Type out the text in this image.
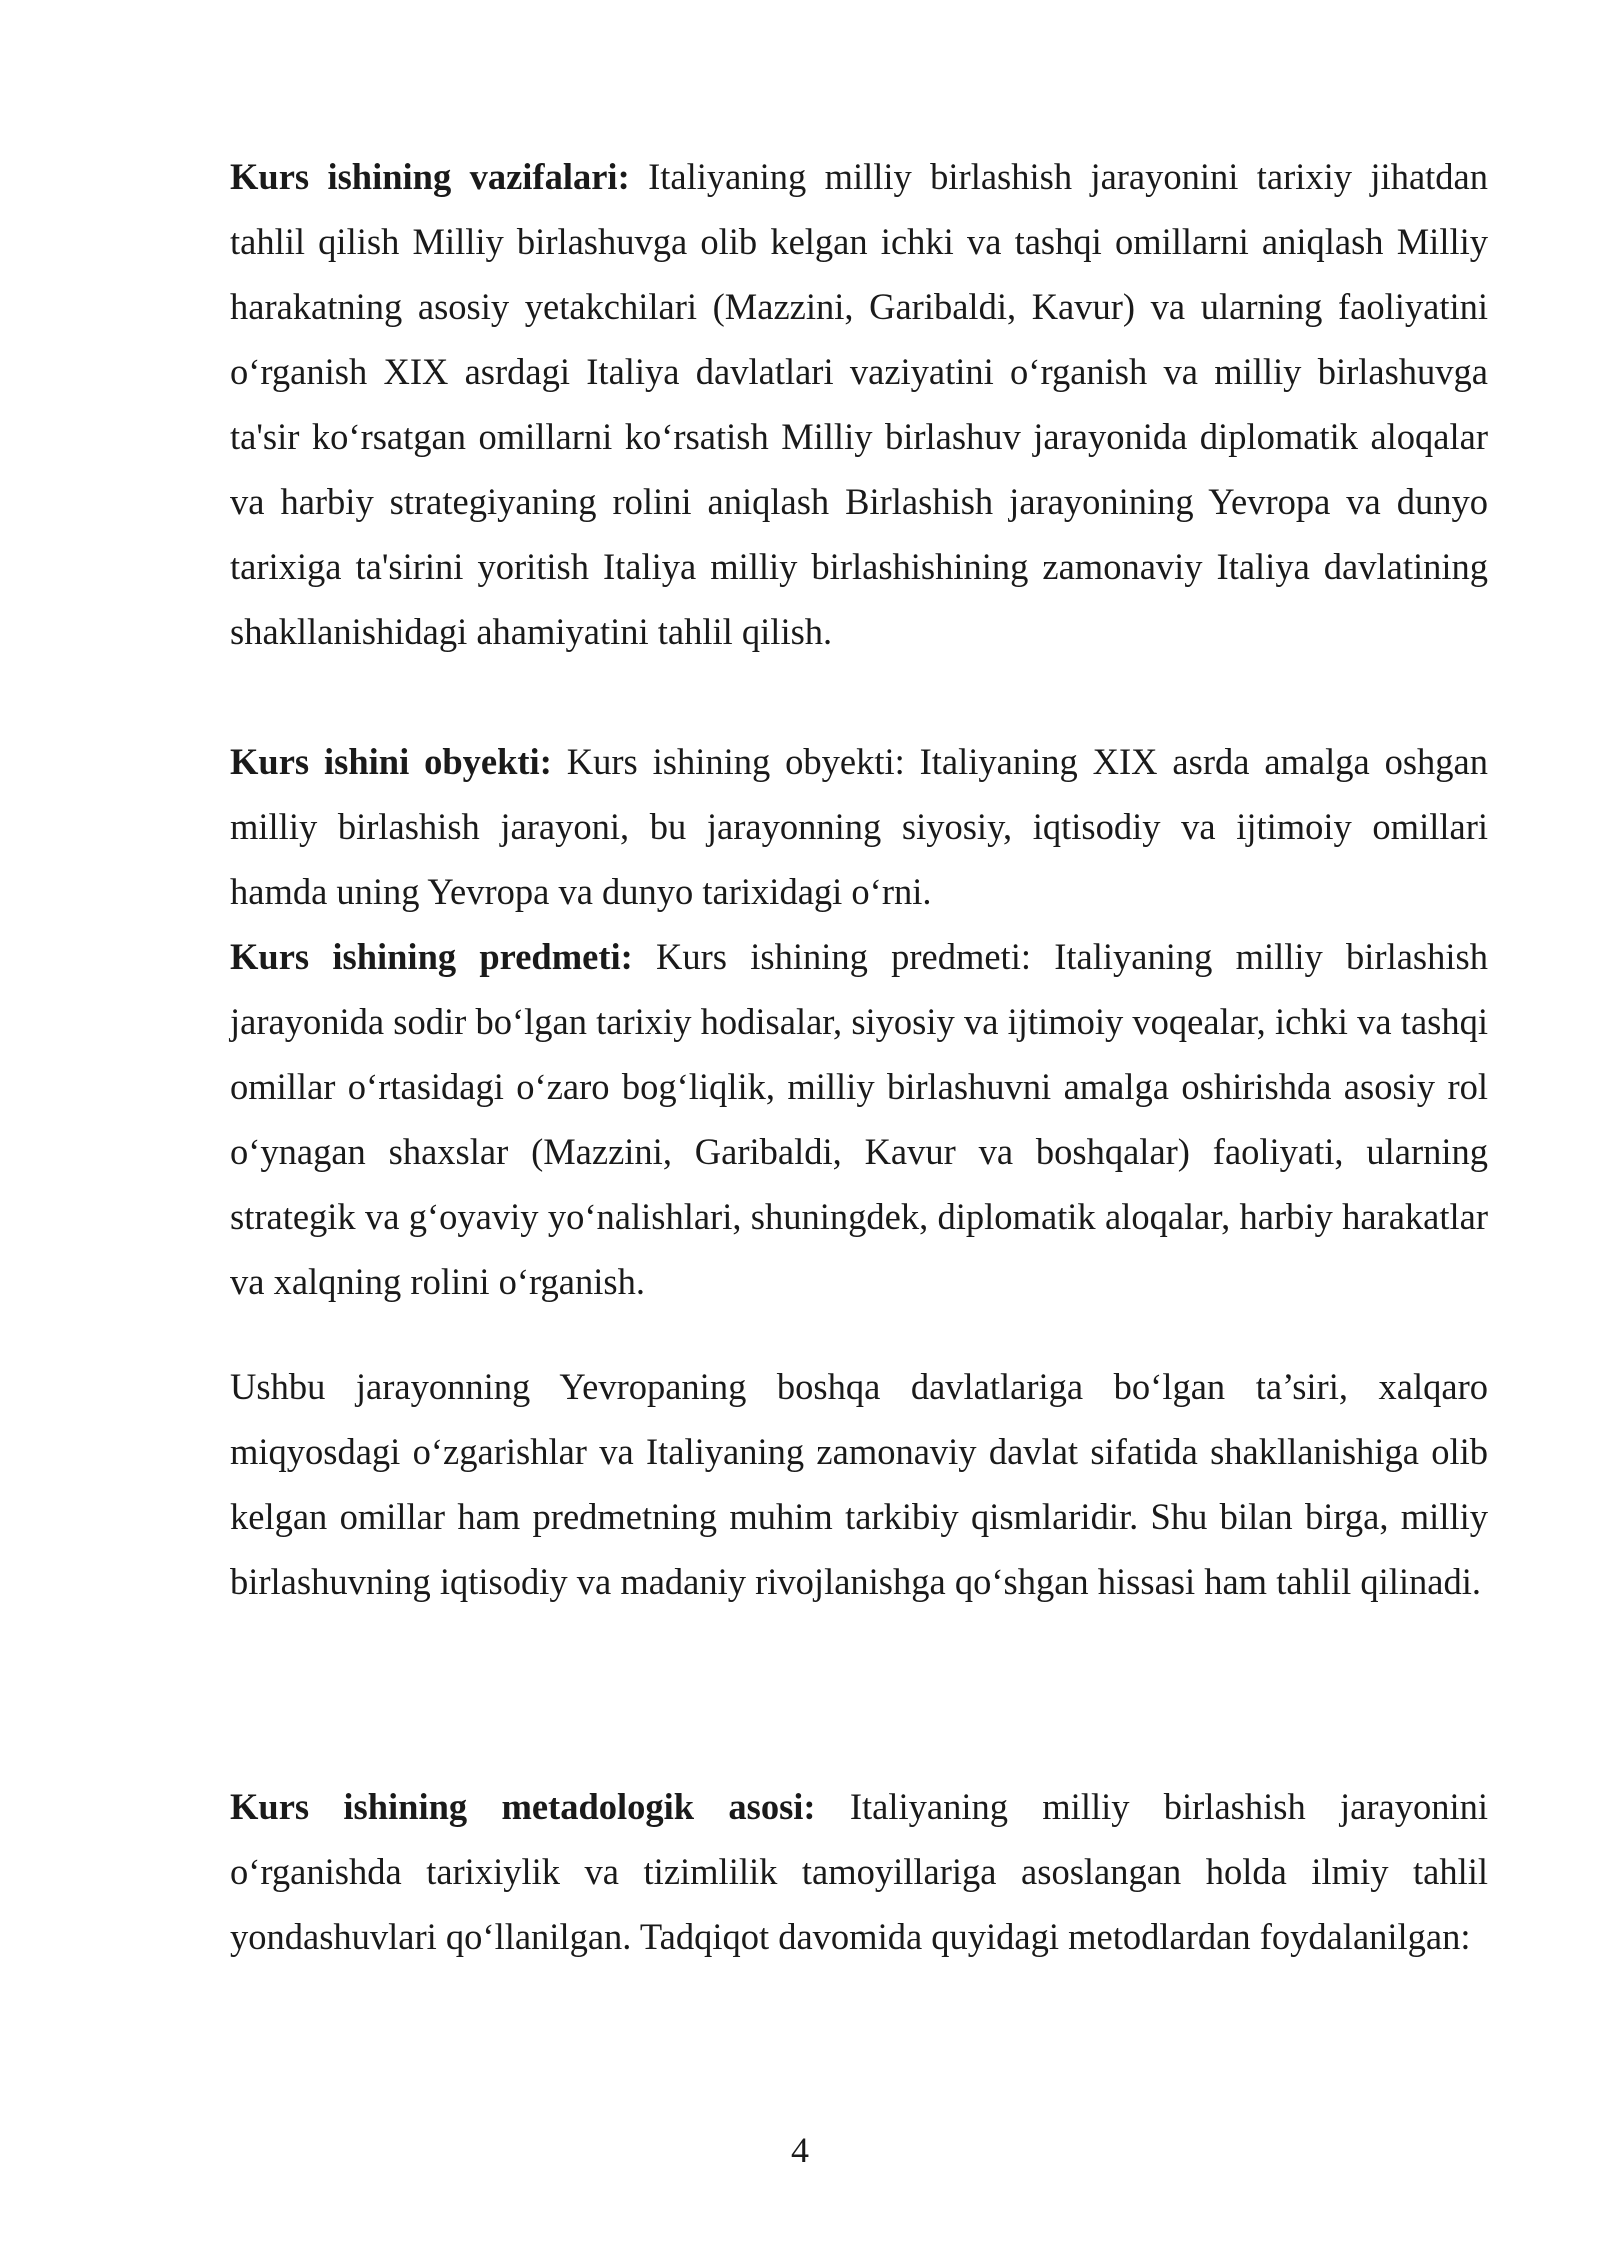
Kurs ishining vazifalari: Italiyaning milliy birlashish jarayonini tarixiy jihatdan tahlil qilish Milliy birlashuvga olib kelgan ichki va tashqi omillarni aniqlash Milliy harakatning asosiy yetakchilari (Mazzini, Garibaldi, Kavur) va ularning faoliyatini o‘rganish XIX asrdagi Italiya davlatlari vaziyatini o‘rganish va milliy birlashuvga ta'sir ko‘rsatgan omillarni ko‘rsatish Milliy birlashuv jarayonida diplomatik aloqalar va harbiy strategiyaning rolini aniqlash Birlashish jarayonining Yevropa va dunyo tarixiga ta'sirini yoritish Italiya milliy birlashishining zamonaviy Italiya davlatining shakllanishidagi ahamiyatini tahlil qilish.

Kurs ishini obyekti: Kurs ishining obyekti: Italiyaning XIX asrda amalga oshgan milliy birlashish jarayoni, bu jarayonning siyosiy, iqtisodiy va ijtimoiy omillari hamda uning Yevropa va dunyo tarixidagi o‘rni.

Kurs ishining predmeti: Kurs ishining predmeti: Italiyaning milliy birlashish jarayonida sodir bo‘lgan tarixiy hodisalar, siyosiy va ijtimoiy voqealar, ichki va tashqi omillar o‘rtasidagi o‘zaro bog‘liqlik, milliy birlashuvni amalga oshirishda asosiy rol o‘ynagan shaxslar (Mazzini, Garibaldi, Kavur va boshqalar) faoliyati, ularning strategik va g‘oyaviy yo‘nalishlari, shuningdek, diplomatik aloqalar, harbiy harakatlar va xalqning rolini o‘rganish.

Ushbu jarayonning Yevropaning boshqa davlatlariga bo‘lgan ta’siri, xalqaro miqyosdagi o‘zgarishlar va Italiyaning zamonaviy davlat sifatida shakllanishiga olib kelgan omillar ham predmetning muhim tarkibiy qismlaridir. Shu bilan birga, milliy birlashuvning iqtisodiy va madaniy rivojlanishga qo‘shgan hissasi ham tahlil qilinadi.

Kurs ishining metadologik asosi: Italiyaning milliy birlashish jarayonini o‘rganishda tarixiylik va tizimlilik tamoyillariga asoslangan holda ilmiy tahlil yondashuvlari qo‘llanilgan. Tadqiqot davomida quyidagi metodlardan foydalanilgan:

4
